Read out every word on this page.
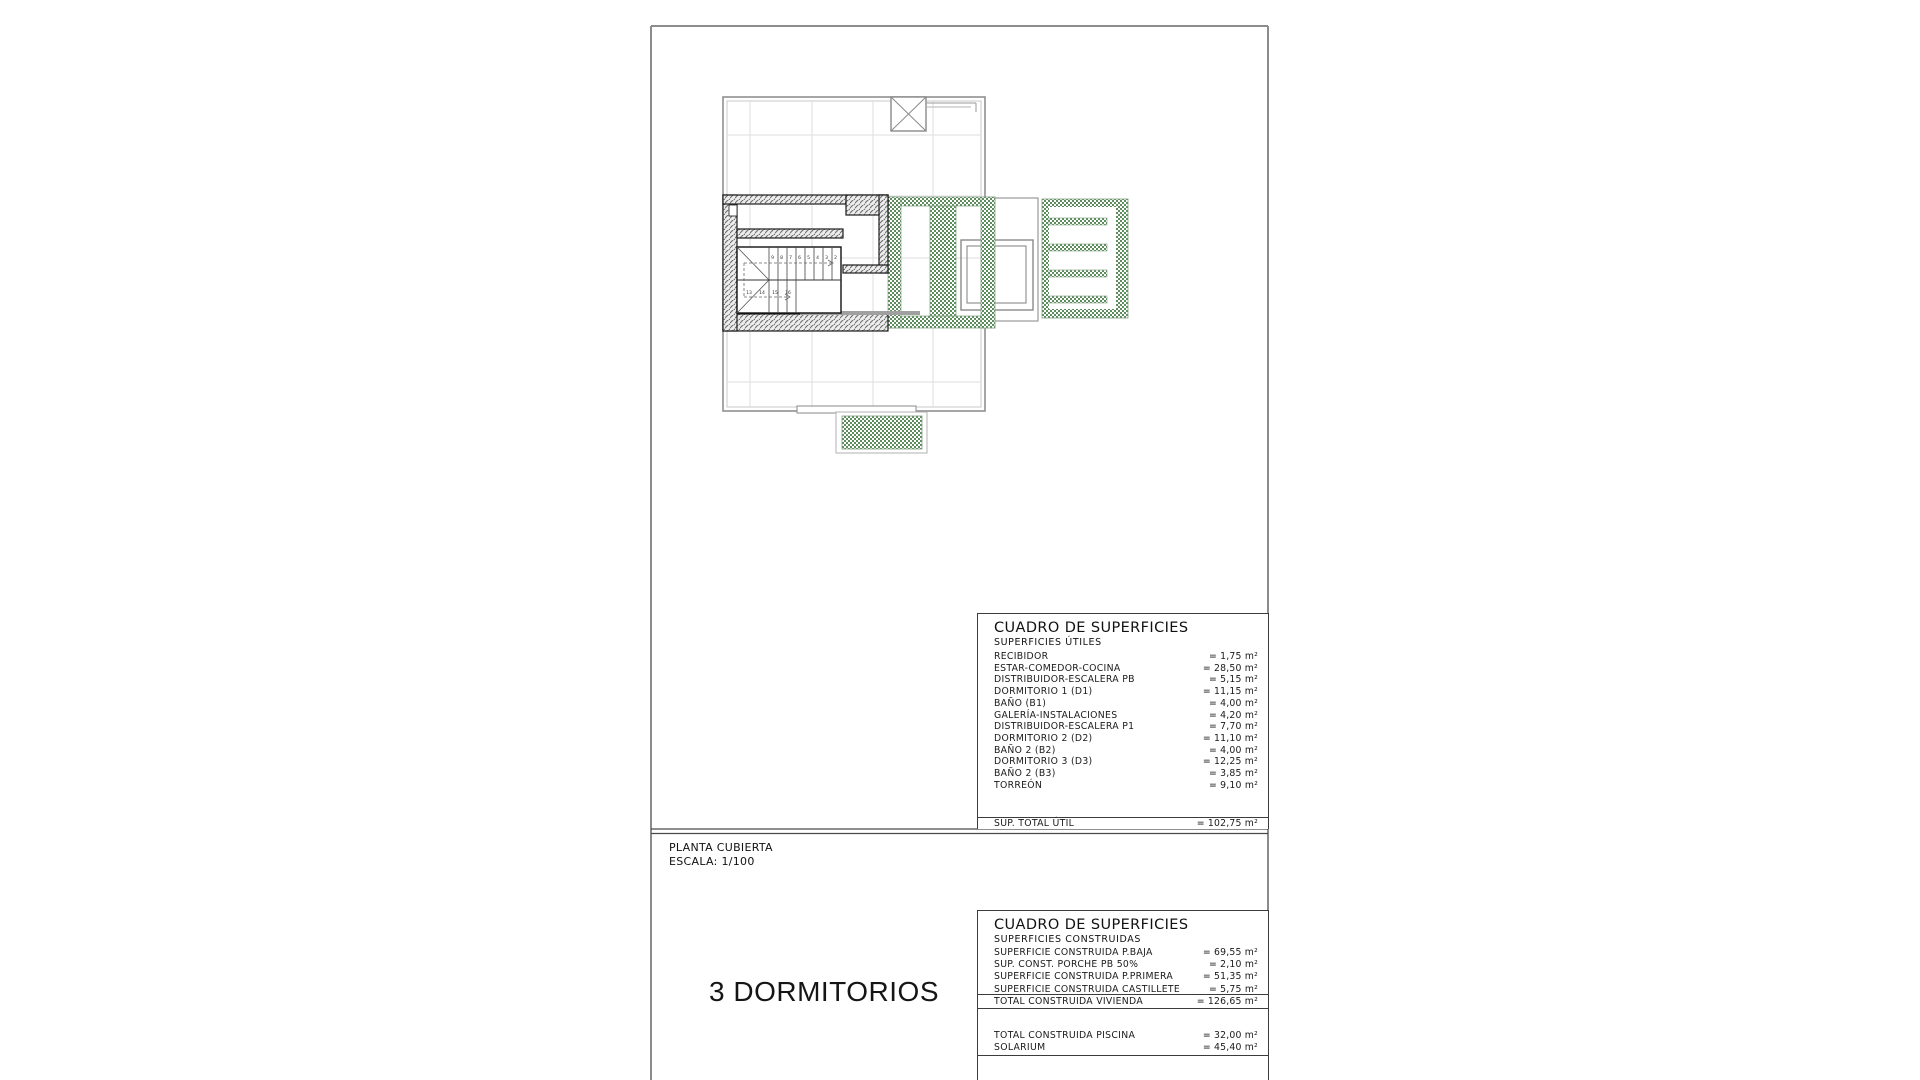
9 8 7 6 5 4 3 2
13 14 15 16
CUADRO DE SUPERFICIES
SUPERFICIES ÚTILES
RECIBIDOR	= 1,75 m²
ESTAR-COMEDOR-COCINA	= 28,50 m²
DISTRIBUIDOR-ESCALERA PB	= 5,15 m²
DORMITORIO 1 (D1)	= 11,15 m²
BAÑO (B1)	= 4,00 m²
GALERÍA-INSTALACIONES	= 4,20 m²
DISTRIBUIDOR-ESCALERA P1	= 7,70 m²
DORMITORIO 2 (D2)	= 11,10 m²
BAÑO 2 (B2)	= 4,00 m²
DORMITORIO 3 (D3)	= 12,25 m²
BAÑO 2 (B3)	= 3,85 m²
TORREÓN	= 9,10 m²
SUP. TOTAL ÚTIL	= 102,75 m²
CUADRO DE SUPERFICIES
SUPERFICIES CONSTRUIDAS
SUPERFICIE CONSTRUIDA P.BAJA	= 69,55 m²
SUP. CONST. PORCHE PB 50%	= 2,10 m²
SUPERFICIE CONSTRUIDA P.PRIMERA	= 51,35 m²
SUPERFICIE CONSTRUIDA CASTILLETE	= 5,75 m²
TOTAL CONSTRUIDA VIVIENDA	= 126,65 m²
TOTAL CONSTRUIDA PISCINA	= 32,00 m²
SOLARIUM	= 45,40 m²
PLANTA CUBIERTA
ESCALA: 1/100
3 DORMITORIOS
